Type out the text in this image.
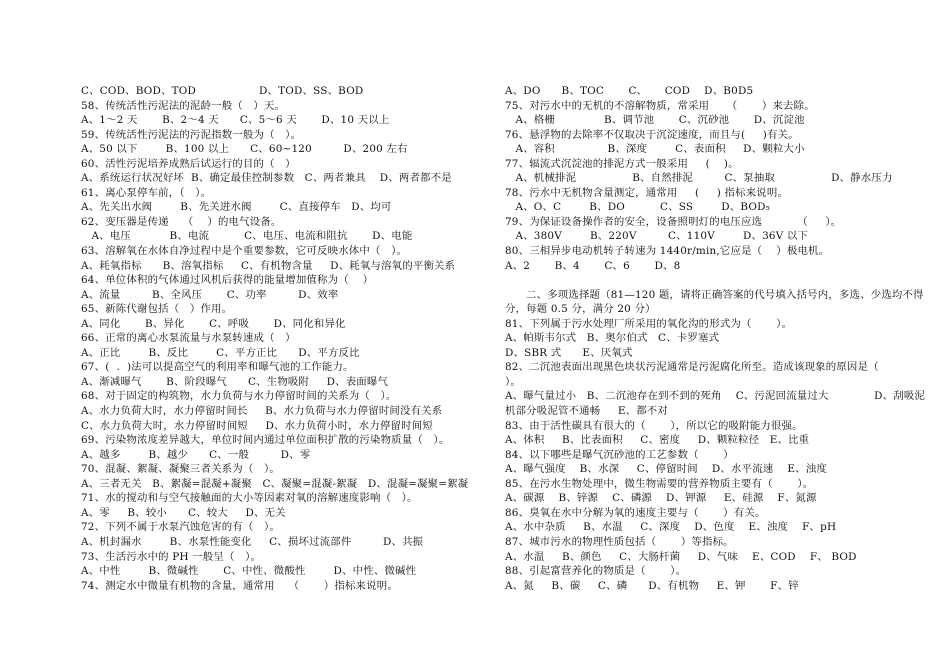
C、COD、BOD、TOD                  D、TOD、SS、BOD
58、传统活性污泥法的泥龄一般（   ）天。
A、1～2 天       B、2～4 天      C、5～6 天       D、10 天以上
59、传统活性污泥法的污泥指数一般为（   ）。
A、50 以下        B、100 以上      C、60~120         D、200 左右
60、活性污泥培养成熟后试运行的目的（   ）
A、系统运行状况好坏  B、确定最佳控制参数   C、两者兼具    D、两者都不是
61、离心泵停车前，（   ）。
A、先关出水阀        B、先关进水阀        C、直接停车   D、均可
62、变压器是传递    （    ）的电气设备。
A、电压           B、电流          C、电压、电流和阻抗       D、电能
63、溶解氧在水体自净过程中是个重要参数，它可反映水体中（   ）。
A、耗氧指标      B、溶氧指标     C、有机物含量     D、耗氧与溶氧的平衡关系
64、单位体积的气体通过风机后获得的能量增加值称为（    ）
A、流量         B、全风压       C、功率         D、效率
65、新陈代谢包括（   ）作用。
A、同化       B、异化       C、呼吸       D、同化和异化
66、正常的离心水泵流量与水泵转速成（   ）
A、正比        B、反比        C、平方正比      D、平方反比
67、(  .  )法可以提高空气的利用率和曝气池的工作能力。
A、渐减曝气       B、阶段曝气      C、生物吸附     D、表面曝气
68、对于固定的构筑物，水力负荷与水力停留时间的关系为（   ）。
A、水力负荷大时，水力停留时间长     B、水力负荷与水力停留时间没有关系
C、水力负荷大时，水力停留时间短     D、水力负荷小时，水力停留时间短
69、污染物浓度差异越大，单位时间内通过单位面积扩散的污染物质量（   ）。
A、越多        B、越少      C、一般         D、零
70、混凝、絮凝、凝聚三者关系为（   ）。
A、三者无关   B、絮凝=混凝+凝聚   C、凝聚=混凝-絮凝   D、混凝=凝聚=絮凝
71、水的搅动和与空气接触面的大小等因素对氧的溶解速度影响（   ）。
A、零     B、较小      C、较大     D、无关
72、下列不属于水泵汽蚀危害的有（   ）。
A、机封漏水        B、水泵性能变化     C、损坏过流部件         D、共振
73、生活污水中的 PH 一般呈（   ）。
A、中性        B、微碱性       C、中性、微酸性        D、中性、微碱性
74、测定水中微量有机物的含量，通常用    （       ）指标来说明。
A、DO      B、TOC       C、     COD    D、B0D5
75、对污水中的无机的不溶解物质，常采用     （       ）来去除。
A、格栅              B、调节池       C、沉砂池       D、沉淀池
76、悬浮物的去除率不仅取决于沉淀速度，而且与(     )有关。
A、容积               B、深度        C、表面积     D、颗粒大小
77、辐流式沉淀池的排泥方式一般采用     (    )。
A、机械排泥                B、自然排泥         C、泵抽取                D、静水压力
78、污水中无机物含量测定，通常用     (     ) 指标来说明。
A、O、C        B、DO          C、SS        D、BOD₅
79、为保证设备操作者的安全，设备照明灯的电压应选          （     ）。
A、380V        B、220V         C、110V        D、36V 以下
80、三相异步电动机转子转速为 1440r/min,它应是（    ）极电机。
A、2       B、4       C、6       D、8
二、多项选择题（81—120 题，请将正确答案的代号填入括号内，多选、少选均不得
分，每题 0.5 分，满分 20 分）
81、下列属于污水处理厂所采用的氧化沟的形式为（       ）。
A、帕斯韦尔式   B、奥尔伯式   C、卡罗塞式
D、SBR 式      E、厌氧式
82、二沉池表面出现黑色块状污泥通常是污泥腐化所至。造成该现象的原因是（
）。
A、曝气量过小   B、二沉池存在到不到的死角    C、污泥回流量过大             D、刮吸泥
机部分吸泥管不通畅     E、都不对
83、由于活性碳具有很大的（       ），所以它的吸附能力很强。
A、体积     B、比表面积     C、密度     D、颗粒粒径   E、比重
84、以下哪些是曝气沉砂池的工艺参数（       ）
A、曝气强度    B、水深     C、停留时间    D、水平流速    E、浊度
85、在污水生物处理中，微生物需要的营养物质主要有（       ）。
A、碳源    B、锌源    C、磷源    D、钾源     E、硅源    F、氮源
86、臭氧在水中分解为氧的速度主要与（       ）有关。
A、水中杂质     B、水温     C、深度    D、色度    E、浊度    F、pH
87、城市污水的物理性质包括（       ）等指标。
A、水温     B、颜色     C、大肠杆菌     D、气味    E、COD    F、 BOD
88、引起富营养化的物质是（       ）。
A、氮     B、碳     C、磷      D、有机物     E、钾       F、锌
